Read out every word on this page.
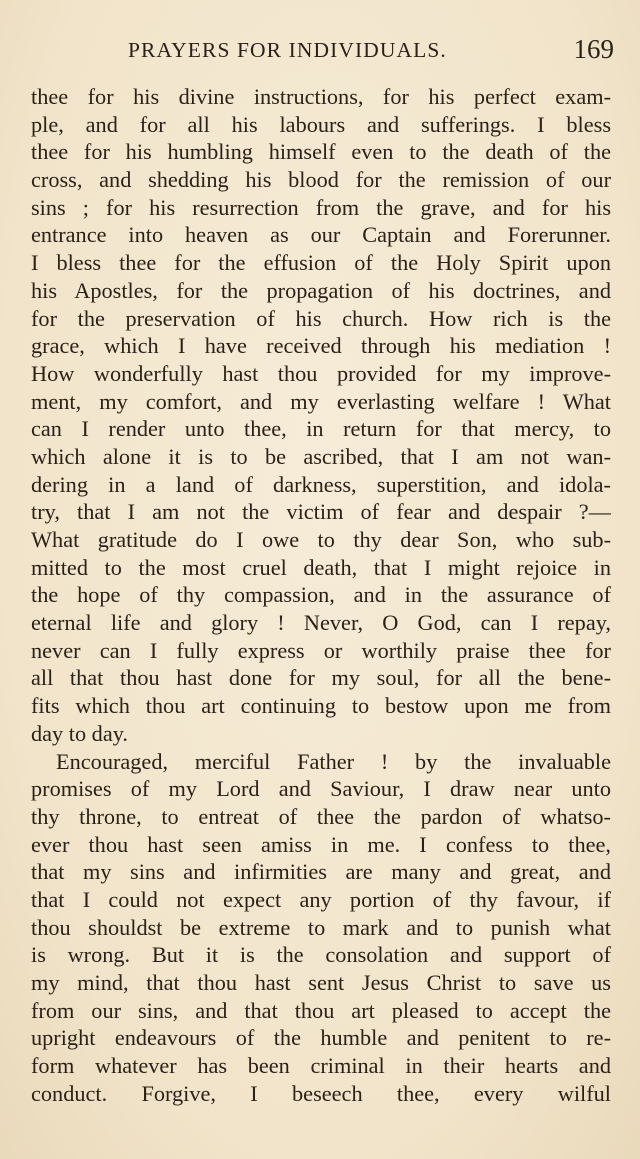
PRAYERS FOR INDIVIDUALS.	169
thee for his divine instructions, for his perfect exam-
ple, and for all his labours and sufferings. I bless
thee for his humbling himself even to the death of the
cross, and shedding his blood for the remission of our
sins ; for his resurrection from the grave, and for his
entrance into heaven as our Captain and Forerunner.
I bless thee for the effusion of the Holy Spirit upon
his Apostles, for the propagation of his doctrines, and
for the preservation of his church. How rich is the
grace, which I have received through his mediation !
How wonderfully hast thou provided for my improve-
ment, my comfort, and my everlasting welfare ! What
can I render unto thee, in return for that mercy, to
which alone it is to be ascribed, that I am not wan-
dering in a land of darkness, superstition, and idola-
try, that I am not the victim of fear and despair ?—
What gratitude do I owe to thy dear Son, who sub-
mitted to the most cruel death, that I might rejoice in
the hope of thy compassion, and in the assurance of
eternal life and glory ! Never, O God, can I repay,
never can I fully express or worthily praise thee for
all that thou hast done for my soul, for all the bene-
fits which thou art continuing to bestow upon me from
day to day.
Encouraged, merciful Father ! by the invaluable
promises of my Lord and Saviour, I draw near unto
thy throne, to entreat of thee the pardon of whatso-
ever thou hast seen amiss in me. I confess to thee,
that my sins and infirmities are many and great, and
that I could not expect any portion of thy favour, if
thou shouldst be extreme to mark and to punish what
is wrong. But it is the consolation and support of
my mind, that thou hast sent Jesus Christ to save us
from our sins, and that thou art pleased to accept the
upright endeavours of the humble and penitent to re-
form whatever has been criminal in their hearts and
conduct. Forgive, I beseech thee, every wilful
